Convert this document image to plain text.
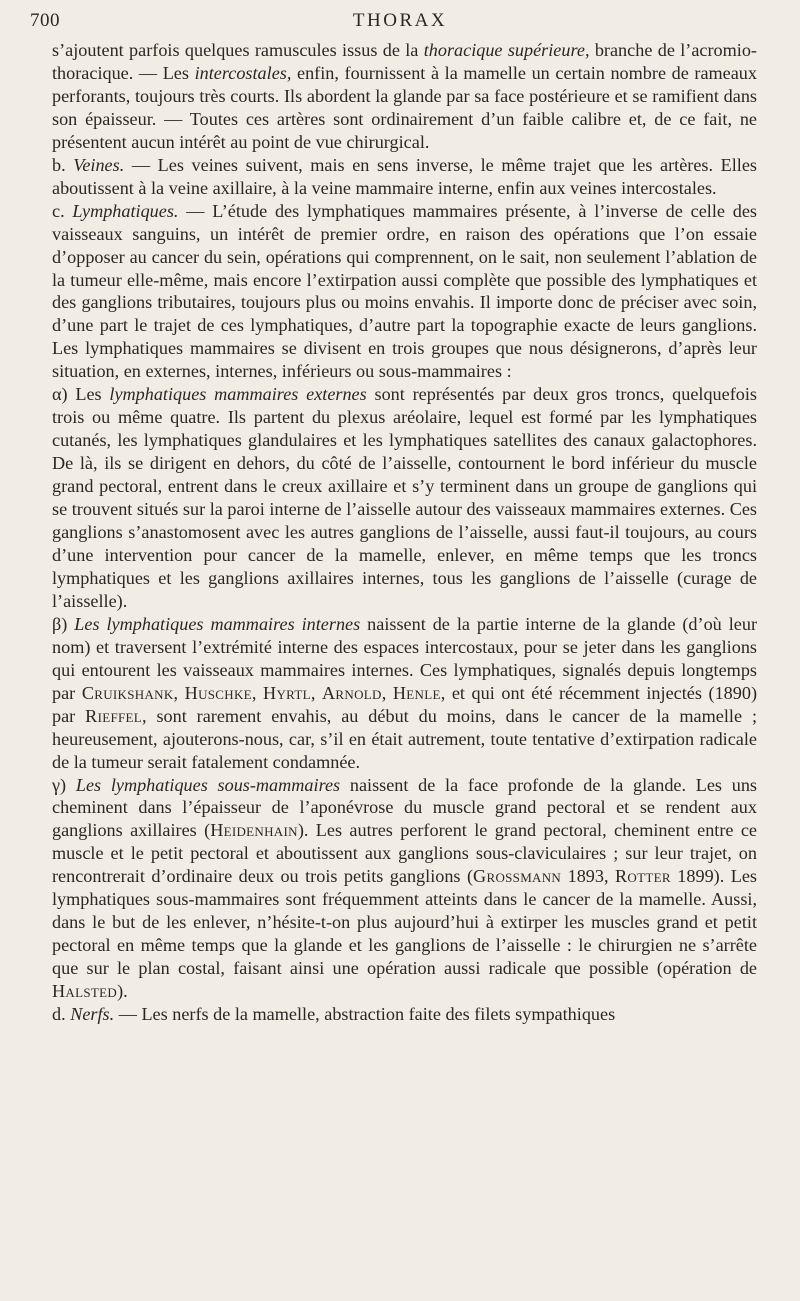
700	THORAX

s’ajoutent parfois quelques ramuscules issus de la thoracique supérieure, branche de l’acromio-thoracique. — Les intercostales, enfin, fournissent à la mamelle un certain nombre de rameaux perforants, toujours très courts. Ils abordent la glande par sa face postérieure et se ramifient dans son épaisseur. — Toutes ces artères sont ordinairement d’un faible calibre et, de ce fait, ne présentent aucun intérêt au point de vue chirurgical.

b. Veines. — Les veines suivent, mais en sens inverse, le même trajet que les artères. Elles aboutissent à la veine axillaire, à la veine mammaire interne, enfin aux veines intercostales.

c. Lymphatiques. — L’étude des lymphatiques mammaires présente, à l’inverse de celle des vaisseaux sanguins, un intérêt de premier ordre, en raison des opérations que l’on essaie d’opposer au cancer du sein, opérations qui comprennent, on le sait, non seulement l’ablation de la tumeur elle-même, mais encore l’extirpation aussi complète que possible des lymphatiques et des ganglions tributaires, toujours plus ou moins envahis. Il importe donc de préciser avec soin, d’une part le trajet de ces lymphatiques, d’autre part la topographie exacte de leurs ganglions. Les lymphatiques mammaires se divisent en trois groupes que nous désignerons, d’après leur situation, en externes, internes, inférieurs ou sous-mammaires :

α) Les lymphatiques mammaires externes sont représentés par deux gros troncs, quelquefois trois ou même quatre. Ils partent du plexus aréolaire, lequel est formé par les lymphatiques cutanés, les lymphatiques glandulaires et les lymphatiques satellites des canaux galactophores. De là, ils se dirigent en dehors, du côté de l’aisselle, contournent le bord inférieur du muscle grand pectoral, entrent dans le creux axillaire et s’y terminent dans un groupe de ganglions qui se trouvent situés sur la paroi interne de l’aisselle autour des vaisseaux mammaires externes. Ces ganglions s’anastomosent avec les autres ganglions de l’aisselle, aussi faut-il toujours, au cours d’une intervention pour cancer de la mamelle, enlever, en même temps que les troncs lymphatiques et les ganglions axillaires internes, tous les ganglions de l’aisselle (curage de l’aisselle).

β) Les lymphatiques mammaires internes naissent de la partie interne de la glande (d’où leur nom) et traversent l’extrémité interne des espaces intercostaux, pour se jeter dans les ganglions qui entourent les vaisseaux mammaires internes. Ces lymphatiques, signalés depuis longtemps par Cruikshank, Huschke, Hyrtl, Arnold, Henle, et qui ont été récemment injectés (1890) par Rieffel, sont rarement envahis, au début du moins, dans le cancer de la mamelle ; heureusement, ajouterons-nous, car, s’il en était autrement, toute tentative d’extirpation radicale de la tumeur serait fatalement condamnée.

γ) Les lymphatiques sous-mammaires naissent de la face profonde de la glande. Les uns cheminent dans l’épaisseur de l’aponévrose du muscle grand pectoral et se rendent aux ganglions axillaires (Heidenhain). Les autres perforent le grand pectoral, cheminent entre ce muscle et le petit pectoral et aboutissent aux ganglions sous-claviculaires ; sur leur trajet, on rencontrerait d’ordinaire deux ou trois petits ganglions (Grossmann 1893, Rotter 1899). Les lymphatiques sous-mammaires sont fréquemment atteints dans le cancer de la mamelle. Aussi, dans le but de les enlever, n’hésite-t-on plus aujourd’hui à extirper les muscles grand et petit pectoral en même temps que la glande et les ganglions de l’aisselle : le chirurgien ne s’arrête que sur le plan costal, faisant ainsi une opération aussi radicale que possible (opération de Halsted).

d. Nerfs. — Les nerfs de la mamelle, abstraction faite des filets sympathiques
